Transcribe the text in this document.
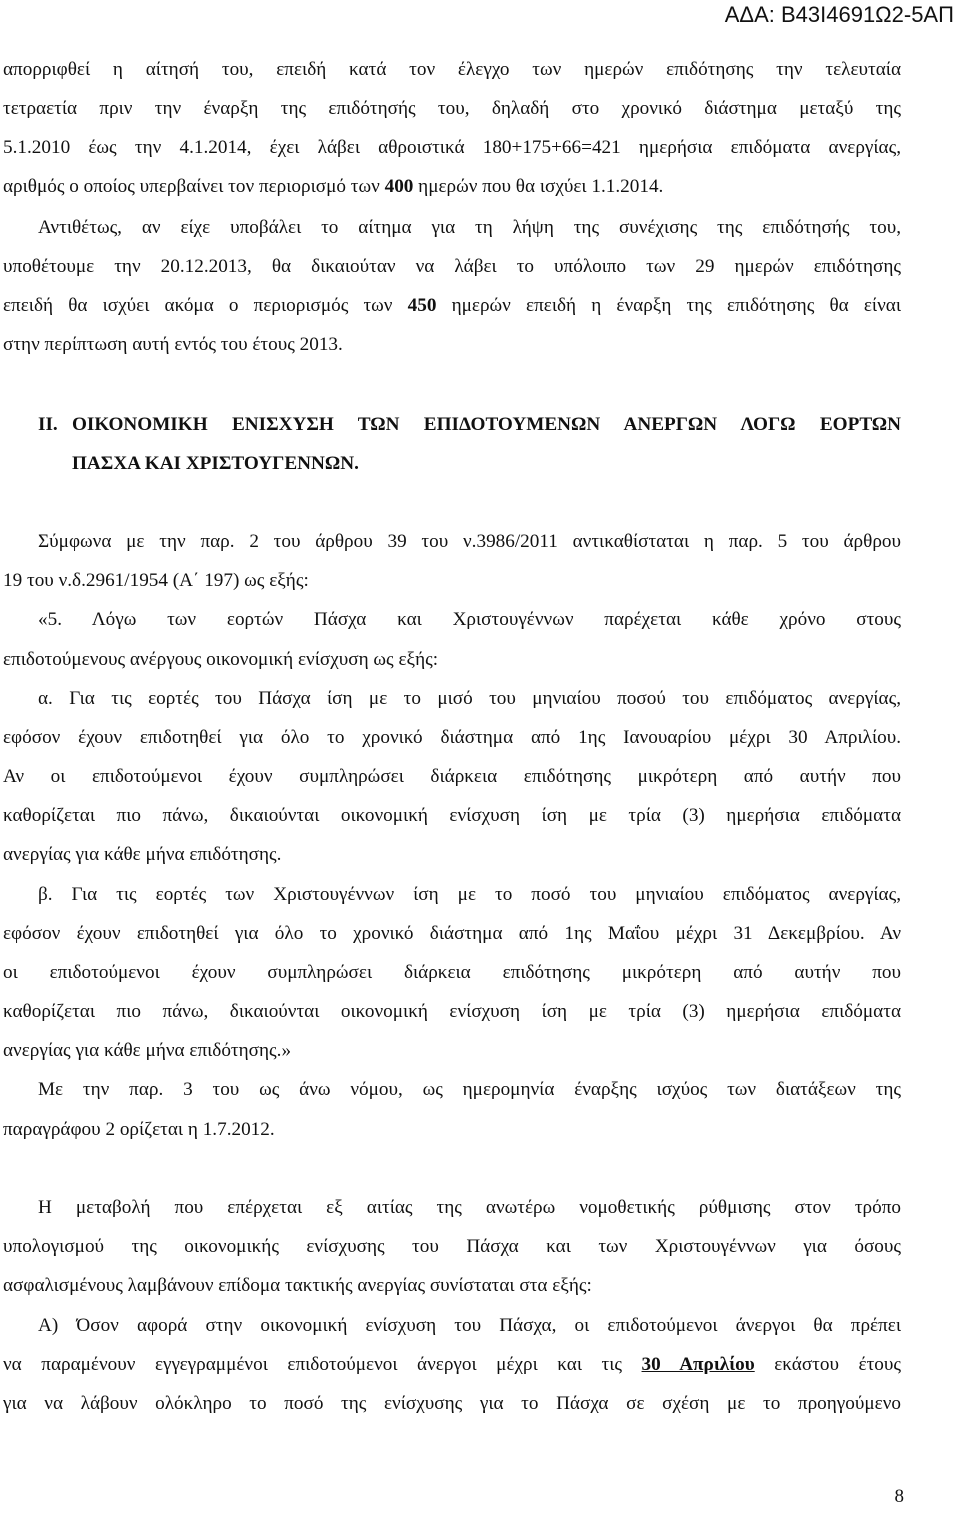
ΑΔΑ: Β43Ι4691Ω2-5ΑΠ
απορριφθεί η αίτησή του, επειδή κατά τον έλεγχο των ημερών επιδότησης την τελευταία
τετραετία πριν την έναρξη της επιδότησής του, δηλαδή στο χρονικό διάστημα μεταξύ της
5.1.2010 έως την 4.1.2014, έχει λάβει αθροιστικά 180+175+66=421 ημερήσια επιδόματα ανεργίας,
αριθμός ο οποίος υπερβαίνει τον περιορισμό των 400 ημερών που θα ισχύει 1.1.2014.
Αντιθέτως, αν είχε υποβάλει το αίτημα για τη λήψη της συνέχισης της επιδότησής του,
υποθέτουμε την 20.12.2013, θα δικαιούταν να λάβει το υπόλοιπο των 29 ημερών επιδότησης
επειδή θα ισχύει ακόμα ο περιορισμός των 450 ημερών επειδή η έναρξη της επιδότησης θα είναι
στην περίπτωση αυτή εντός του έτους 2013.
ΙΙ. ΟΙΚΟΝΟΜΙΚΗ ΕΝΙΣΧΥΣΗ ΤΩΝ ΕΠΙΔΟΤΟΥΜΕΝΩΝ ΑΝΕΡΓΩΝ ΛΟΓΩ ΕΟΡΤΩΝ
ΠΑΣΧΑ ΚΑΙ ΧΡΙΣΤΟΥΓΕΝΝΩΝ.
Σύμφωνα με την παρ. 2 του άρθρου 39 του ν.3986/2011 αντικαθίσταται η παρ. 5 του άρθρου
19 του ν.δ.2961/1954 (Α΄ 197) ως εξής:
«5. Λόγω των εορτών Πάσχα και Χριστουγέννων παρέχεται κάθε χρόνο στους
επιδοτούμενους ανέργους οικονομική ενίσχυση ως εξής:
α. Για τις εορτές του Πάσχα ίση με το μισό του μηνιαίου ποσού του επιδόματος ανεργίας,
εφόσον έχουν επιδοτηθεί για όλο το χρονικό διάστημα από 1ης Ιανουαρίου μέχρι 30 Απριλίου.
Αν οι επιδοτούμενοι έχουν συμπληρώσει διάρκεια επιδότησης μικρότερη από αυτήν που
καθορίζεται πιο πάνω, δικαιούνται οικονομική ενίσχυση ίση με τρία (3) ημερήσια επιδόματα
ανεργίας για κάθε μήνα επιδότησης.
β. Για τις εορτές των Χριστουγέννων ίση με το ποσό του μηνιαίου επιδόματος ανεργίας,
εφόσον έχουν επιδοτηθεί για όλο το χρονικό διάστημα από 1ης Μαΐου μέχρι 31 Δεκεμβρίου. Αν
οι επιδοτούμενοι έχουν συμπληρώσει διάρκεια επιδότησης μικρότερη από αυτήν που
καθορίζεται πιο πάνω, δικαιούνται οικονομική ενίσχυση ίση με τρία (3) ημερήσια επιδόματα
ανεργίας για κάθε μήνα επιδότησης.»
Με την παρ. 3 του ως άνω νόμου, ως ημερομηνία έναρξης ισχύος των διατάξεων της
παραγράφου 2 ορίζεται η 1.7.2012.
Η μεταβολή που επέρχεται εξ αιτίας της ανωτέρω νομοθετικής ρύθμισης στον τρόπο
υπολογισμού της οικονομικής ενίσχυσης του Πάσχα και των Χριστουγέννων για όσους
ασφαλισμένους λαμβάνουν επίδομα τακτικής ανεργίας συνίσταται στα εξής:
Α) Όσον αφορά στην οικονομική ενίσχυση του Πάσχα, οι επιδοτούμενοι άνεργοι θα πρέπει
να παραμένουν εγγεγραμμένοι επιδοτούμενοι άνεργοι μέχρι και τις 30 Απριλίου εκάστου έτους
για να λάβουν ολόκληρο το ποσό της ενίσχυσης για το Πάσχα σε σχέση με το προηγούμενο
8
